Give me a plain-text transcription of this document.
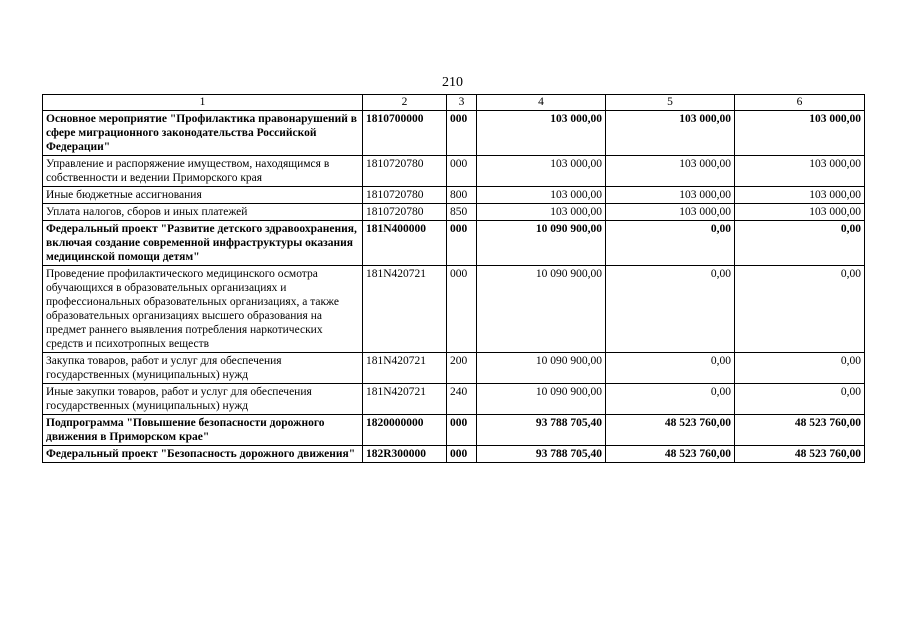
210
1	2	3	4	5	6
Основное мероприятие "Профилактика правонарушений в сфере миграционного законодательства Российской Федерации"	1810700000	000	103 000,00	103 000,00	103 000,00
Управление и распоряжение имуществом, находящимся в собственности и ведении Приморского края	1810720780	000	103 000,00	103 000,00	103 000,00
Иные бюджетные ассигнования	1810720780	800	103 000,00	103 000,00	103 000,00
Уплата налогов, сборов и иных платежей	1810720780	850	103 000,00	103 000,00	103 000,00
Федеральный проект "Развитие детского здравоохранения, включая создание современной инфраструктуры оказания медицинской помощи детям"	181N400000	000	10 090 900,00	0,00	0,00
Проведение профилактического медицинского осмотра обучающихся в образовательных организациях и профессиональных образовательных организациях, а также образовательных организациях высшего образования на предмет раннего выявления потребления наркотических средств и психотропных веществ	181N420721	000	10 090 900,00	0,00	0,00
Закупка товаров, работ и услуг для обеспечения государственных (муниципальных) нужд	181N420721	200	10 090 900,00	0,00	0,00
Иные закупки товаров, работ и услуг для обеспечения государственных (муниципальных) нужд	181N420721	240	10 090 900,00	0,00	0,00
Подпрограмма "Повышение безопасности дорожного движения в Приморском крае"	1820000000	000	93 788 705,40	48 523 760,00	48 523 760,00
Федеральный проект "Безопасность дорожного движения"	182R300000	000	93 788 705,40	48 523 760,00	48 523 760,00
